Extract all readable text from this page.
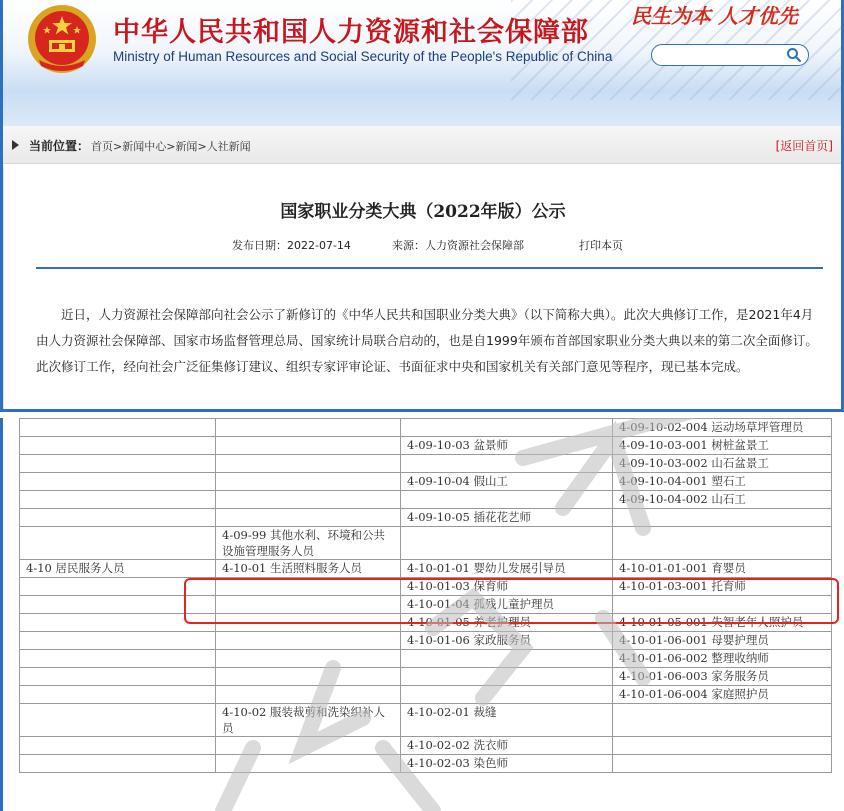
中华人民共和国人力资源和社会保障部
Ministry of Human Resources and Social Security of the People's Republic of China
民生为本 人才优先
当前位置： 首页>新闻中心>新闻>人社新闻	[返回首页]
国家职业分类大典（2022年版）公示
发布日期：2022-07-14	来源：人力资源社会保障部	打印本页

近日，人力资源社会保障部向社会公示了新修订的《中华人民共和国职业分类大典》（以下简称大典）。此次大典修订工作，是2021年4月由人力资源社会保障部、国家市场监督管理总局、国家统计局联合启动的，也是自1999年颁布首部国家职业分类大典以来的第二次全面修订。此次修订工作，经向社会广泛征集修订建议、组织专家评审论证、书面征求中央和国家机关有关部门意见等程序，现已基本完成。

			4-09-10-02-004 运动场草坪管理员
		4-09-10-03 盆景师	4-09-10-03-001 树桩盆景工
			4-09-10-03-002 山石盆景工
		4-09-10-04 假山工	4-09-10-04-001 塑石工
			4-09-10-04-002 山石工
		4-09-10-05 插花花艺师	
	4-09-99 其他水利、环境和公共设施管理服务人员		
4-10 居民服务人员	4-10-01 生活照料服务人员	4-10-01-01 婴幼儿发展引导员	4-10-01-01-001 育婴员
		4-10-01-03 保育师	4-10-01-03-001 托育师
		4-10-01-04 孤残儿童护理员	
		4-10-01-05 养老护理员	4-10-01-05-001 失智老年人照护员
		4-10-01-06 家政服务员	4-10-01-06-001 母婴护理员
			4-10-01-06-002 整理收纳师
			4-10-01-06-003 家务服务员
			4-10-01-06-004 家庭照护员
	4-10-02 服装裁剪和洗染织补人员	4-10-02-01 裁缝	
		4-10-02-02 洗衣师	
		4-10-02-03 染色师	
